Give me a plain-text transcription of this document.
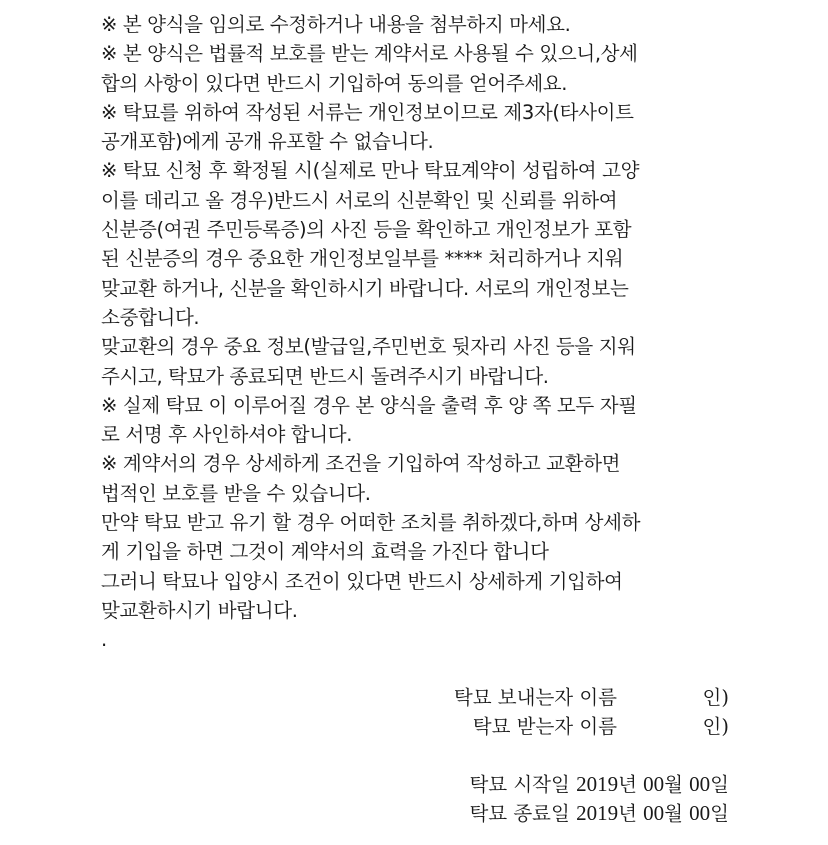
※ 본 양식을 임의로 수정하거나 내용을 첨부하지 마세요.
※ 본 양식은 법률적 보호를 받는 계약서로 사용될 수 있으니,상세
합의 사항이 있다면 반드시 기입하여 동의를 얻어주세요.
※ 탁묘를 위하여 작성된 서류는 개인정보이므로 제3자(타사이트
공개포함)에게 공개 유포할 수 없습니다.
※ 탁묘 신청 후 확정될 시(실제로 만나 탁묘계약이 성립하여 고양
이를 데리고 올 경우)반드시 서로의 신분확인 및 신뢰를 위하여
신분증(여권 주민등록증)의 사진 등을 확인하고 개인정보가 포함
된 신분증의 경우 중요한 개인정보일부를 **** 처리하거나 지워
맞교환 하거나, 신분을 확인하시기 바랍니다. 서로의 개인정보는
소중합니다.
맞교환의 경우 중요 정보(발급일,주민번호 뒷자리 사진 등을 지워
주시고, 탁묘가 종료되면 반드시 돌려주시기 바랍니다.
※ 실제 탁묘 이 이루어질 경우 본 양식을 출력 후 양 쪽 모두 자필
로 서명 후 사인하셔야 합니다.
※ 계약서의 경우 상세하게 조건을 기입하여 작성하고 교환하면
법적인 보호를 받을 수 있습니다.
만약 탁묘 받고 유기 할 경우 어떠한 조치를 취하겠다,하며 상세하
게 기입을 하면 그것이 계약서의 효력을 가진다 합니다
그러니 탁묘나 입양시 조건이 있다면 반드시 상세하게 기입하여
맞교환하시기 바랍니다.
.
탁묘 보내는자 이름	인)
탁묘 받는자 이름	인)
탁묘 시작일 2019년 00월 00일
탁묘 종료일 2019년 00월 00일
